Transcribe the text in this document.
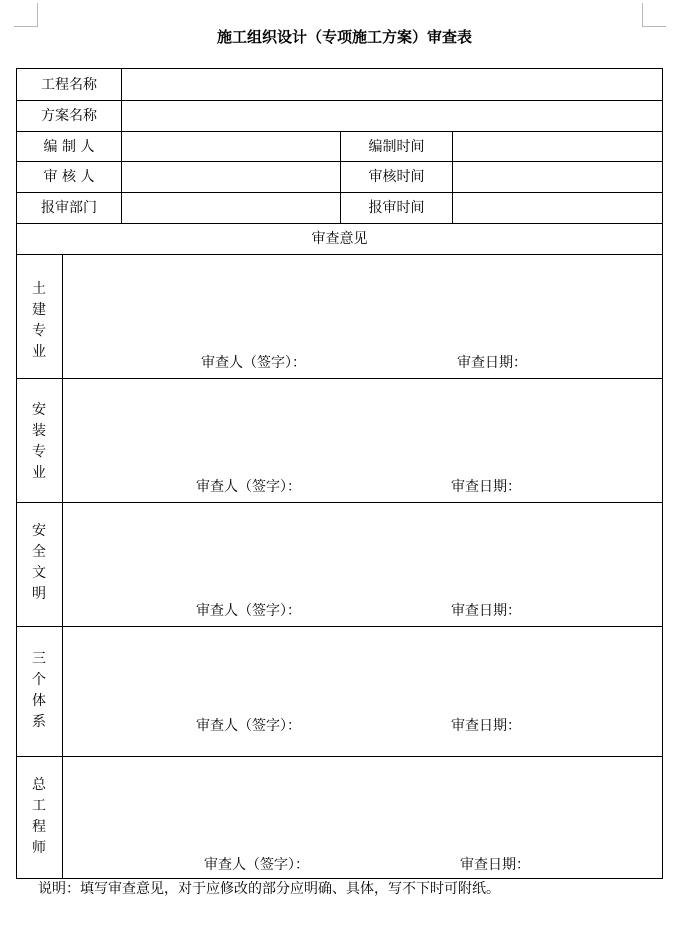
施工组织设计（专项施工方案）审查表
工程名称
方案名称
编 制 人	编制时间
审 核 人	审核时间
报审部门	报审时间
审查意见
土
建
专
业
审查人（签字）：	审查日期：
安
装
专
业
审查人（签字）：	审查日期：
安
全
文
明
审查人（签字）：	审查日期：
三
个
体
系	审查人（签字）：	审查日期：
总
工
程
师
审查人（签字）：	审查日期：
说明：填写审查意见，对于应修改的部分应明确、具体，写不下时可附纸。
